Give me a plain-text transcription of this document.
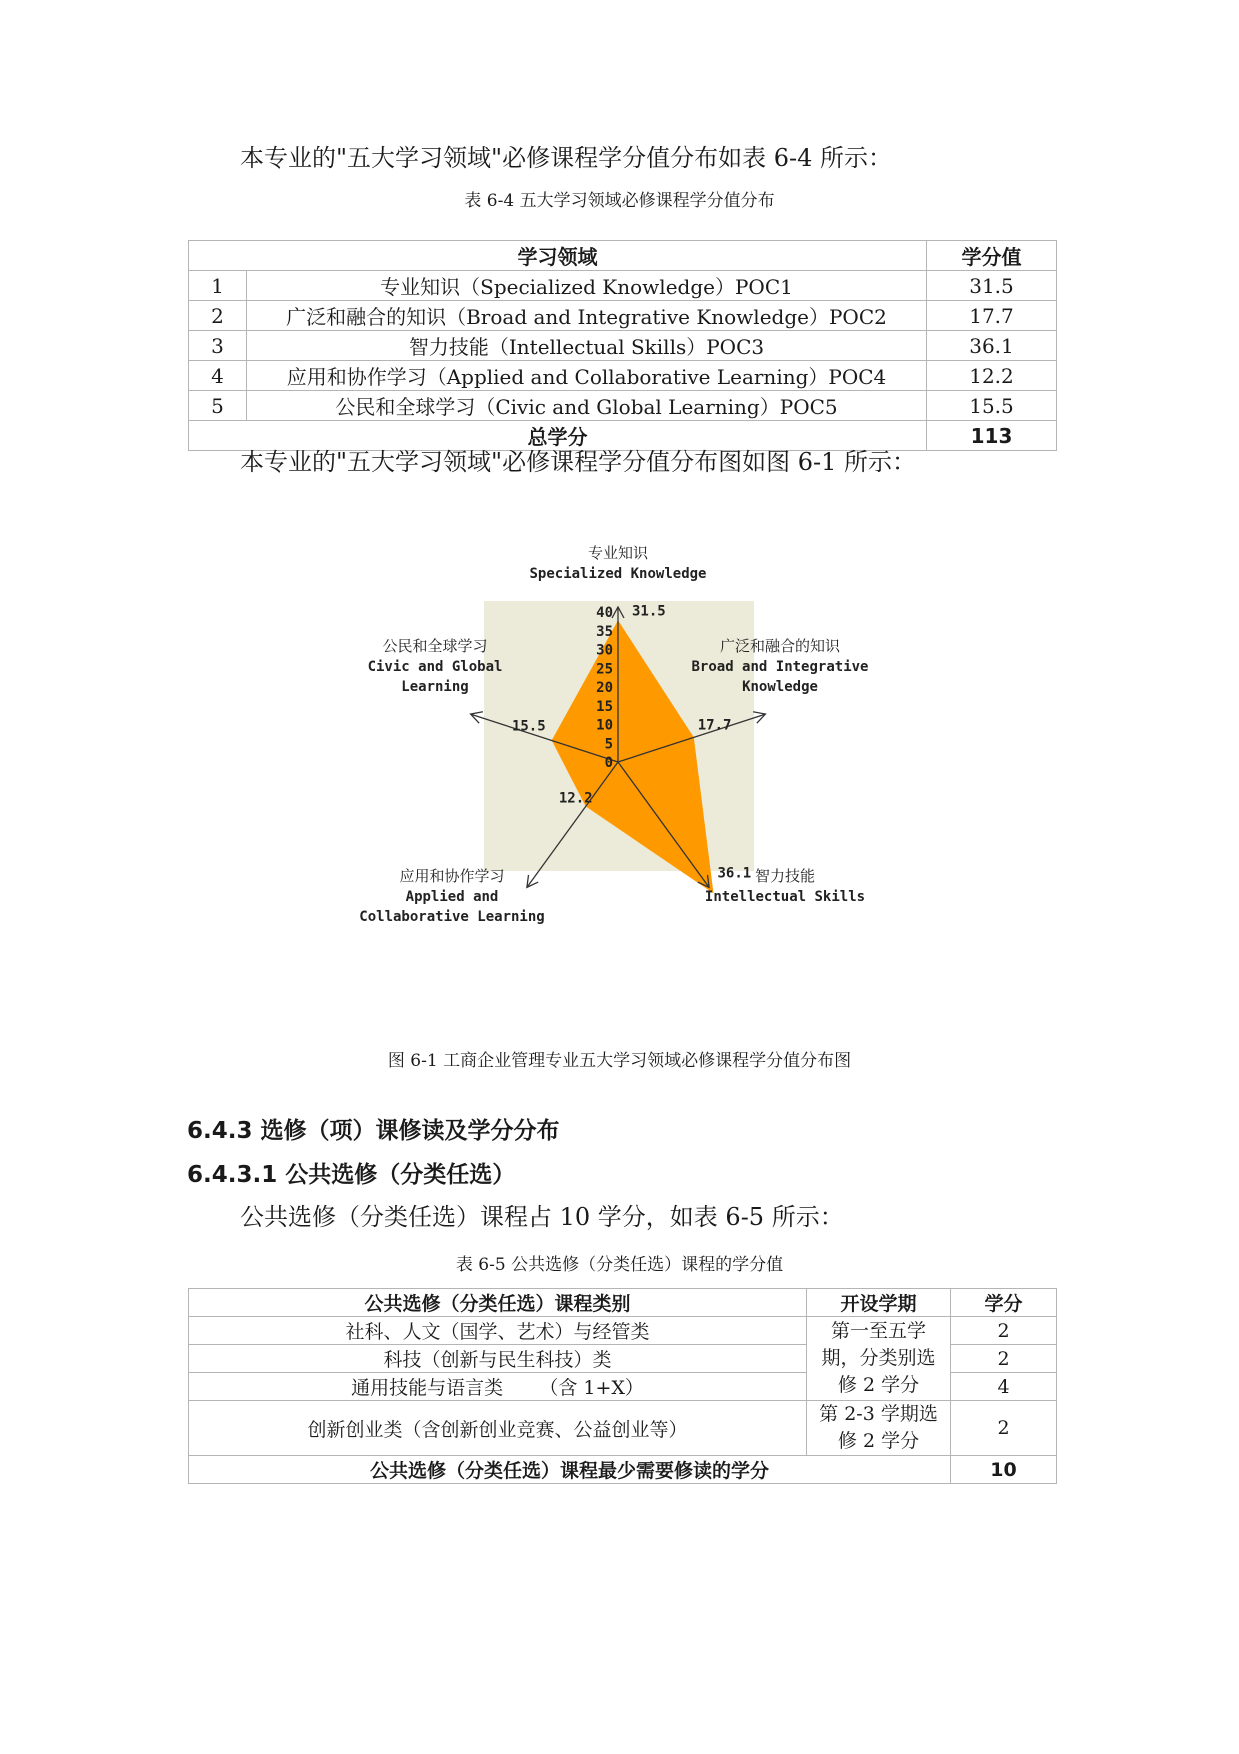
本专业的"五大学习领域"必修课程学分值分布如表 6-4 所示：
表 6-4 五大学习领域必修课程学分值分布
学习领域		学分值
1	专业知识（Specialized Knowledge）POC1	31.5
2	广泛和融合的知识（Broad and Integrative Knowledge）POC2	17.7
3	智力技能（Intellectual Skills）POC3	36.1
4	应用和协作学习（Applied and Collaborative Learning）POC4	12.2
5	公民和全球学习（Civic and Global Learning）POC5	15.5
总学分		113
本专业的"五大学习领域"必修课程学分值分布图如图 6-1 所示：
0
5
10
15
20
25
30
35
40 31.5
17.7
36.1
12.2
15.5
专业知识
Specialized Knowledge
广泛和融合的知识
Broad and Integrative
Knowledge
智力技能
Intellectual Skills
应用和协作学习
Applied and
Collaborative Learning
公民和全球学习
Civic and Global
Learning
图 6-1 工商企业管理专业五大学习领域必修课程学分值分布图
6.4.3 选修（项）课修读及学分分布
6.4.3.1 公共选修（分类任选）
公共选修（分类任选）课程占 10 学分，如表 6-5 所示：
表 6-5 公共选修（分类任选）课程的学分值
公共选修（分类任选）课程类别	开设学期	学分
社科、人文（国学、艺术）与经管类	第一至五学期，分类别选修 2 学分	2
科技（创新与民生科技）类		2
通用技能与语言类      （含 1+X）		4
创新创业类（含创新创业竞赛、公益创业等）	第 2-3 学期选修 2 学分	2
公共选修（分类任选）课程最少需要修读的学分		10
